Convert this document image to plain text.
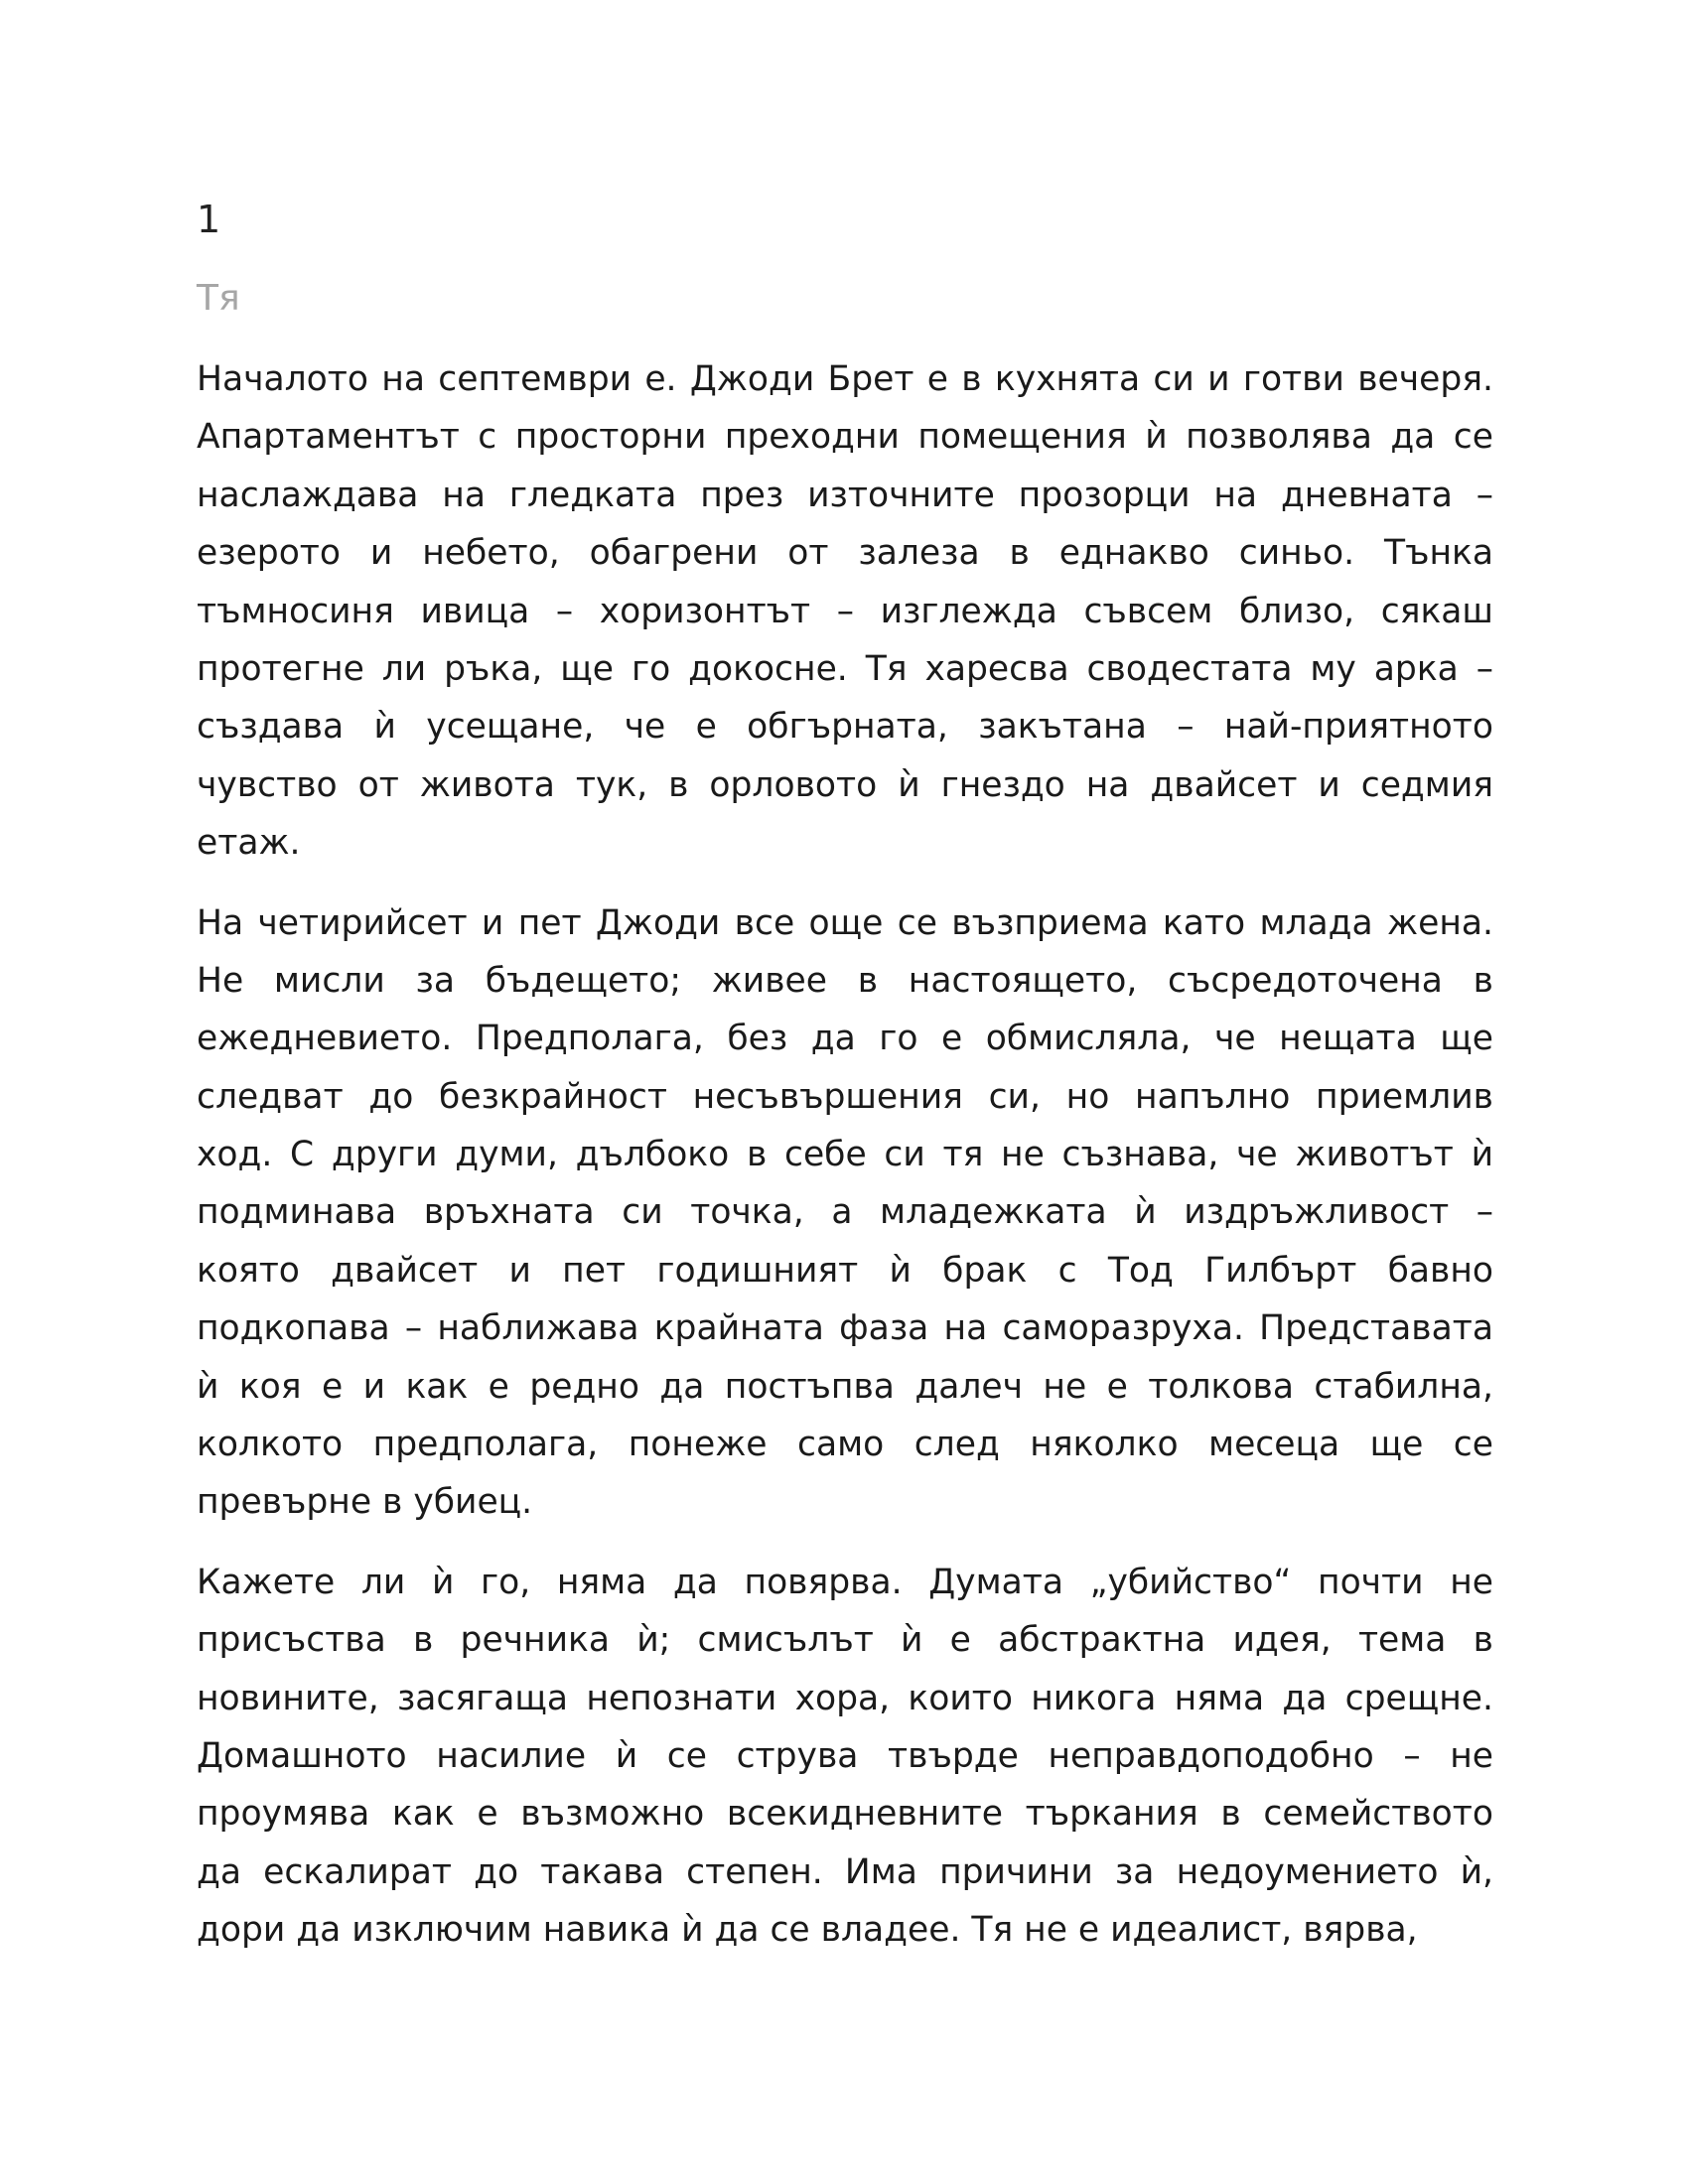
1
Тя
Началото на септември е. Джоди Брет е в кухнята си и готви вечеря.
Апартаментът с просторни преходни помещения ѝ позволява да се
наслаждава на гледката през източните прозорци на дневната –
езерото и небето, обагрени от залеза в еднакво синьо. Тънка
тъмносиня ивица – хоризонтът – изглежда съвсем близо, сякаш
протегне ли ръка, ще го докосне. Тя харесва сводестата му арка –
създава ѝ усещане, че е обгърната, закътана – най-приятното
чувство от живота тук, в орловото ѝ гнездо на двайсет и седмия
етаж.
На четирийсет и пет Джоди все още се възприема като млада жена.
Не мисли за бъдещето; живее в настоящето, съсредоточена в
ежедневието. Предполага, без да го е обмисляла, че нещата ще
следват до безкрайност несъвършения си, но напълно приемлив
ход. С други думи, дълбоко в себе си тя не съзнава, че животът ѝ
подминава връхната си точка, а младежката ѝ издръжливост –
която двайсет и пет годишният ѝ брак с Тод Гилбърт бавно
подкопава – наближава крайната фаза на саморазруха. Представата
ѝ коя е и как е редно да постъпва далеч не е толкова стабилна,
колкото предполага, понеже само след няколко месеца ще се
превърне в убиец.
Кажете ли ѝ го, няма да повярва. Думата „убийство“ почти не
присъства в речника ѝ; смисълът ѝ е абстрактна идея, тема в
новините, засягаща непознати хора, които никога няма да срещне.
Домашното насилие ѝ се струва твърде неправдоподобно – не
проумява как е възможно всекидневните търкания в семейството
да ескалират до такава степен. Има причини за недоумението ѝ,
дори да изключим навика ѝ да се владее. Тя не е идеалист, вярва,
